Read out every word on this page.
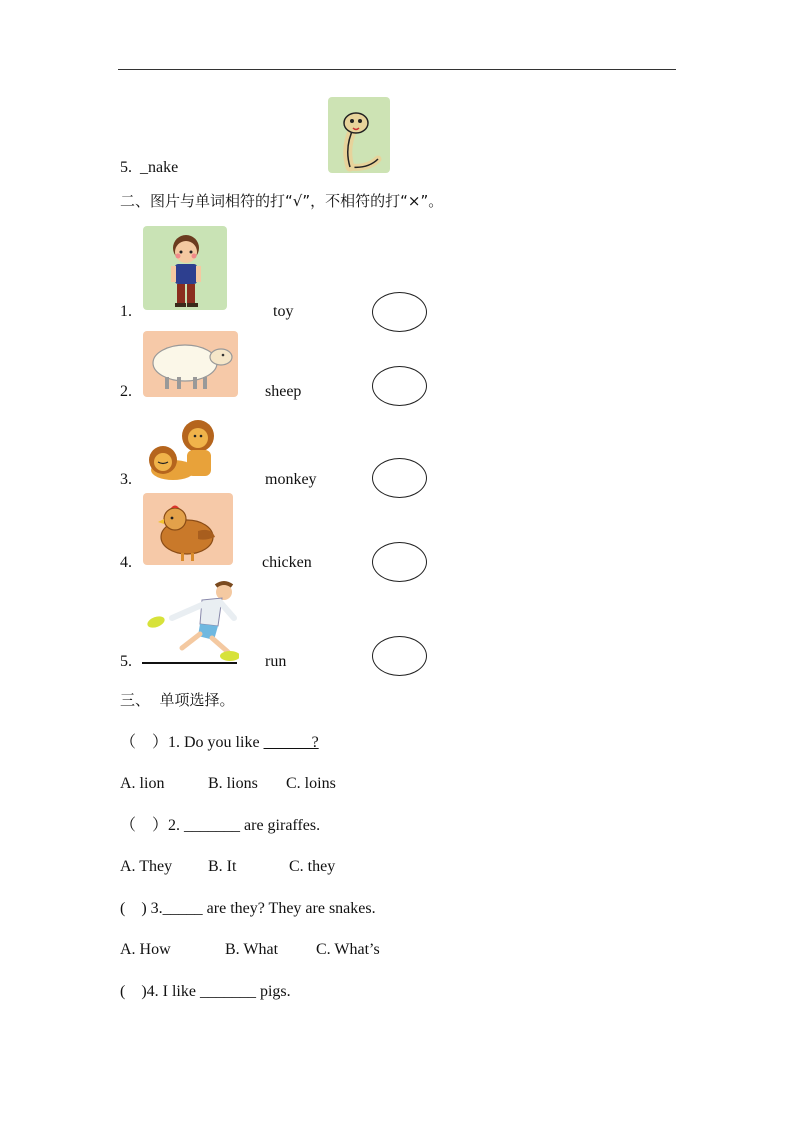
5. _nake
二、图片与单词相符的打“√”，不相符的打“×”。
1.	toy
2.	sheep
3.	monkey
4.	chicken
5.	run
三、  单项选择。
（    ）1. Do you like ______?
A. lion	B. lions C. loins
（    ）2. _______ are giraffes.
A. They B. It	C. they
(    ) 3._____ are they? They are snakes.
A. How	B. What C. What’s
(    )4. I like _______ pigs.
